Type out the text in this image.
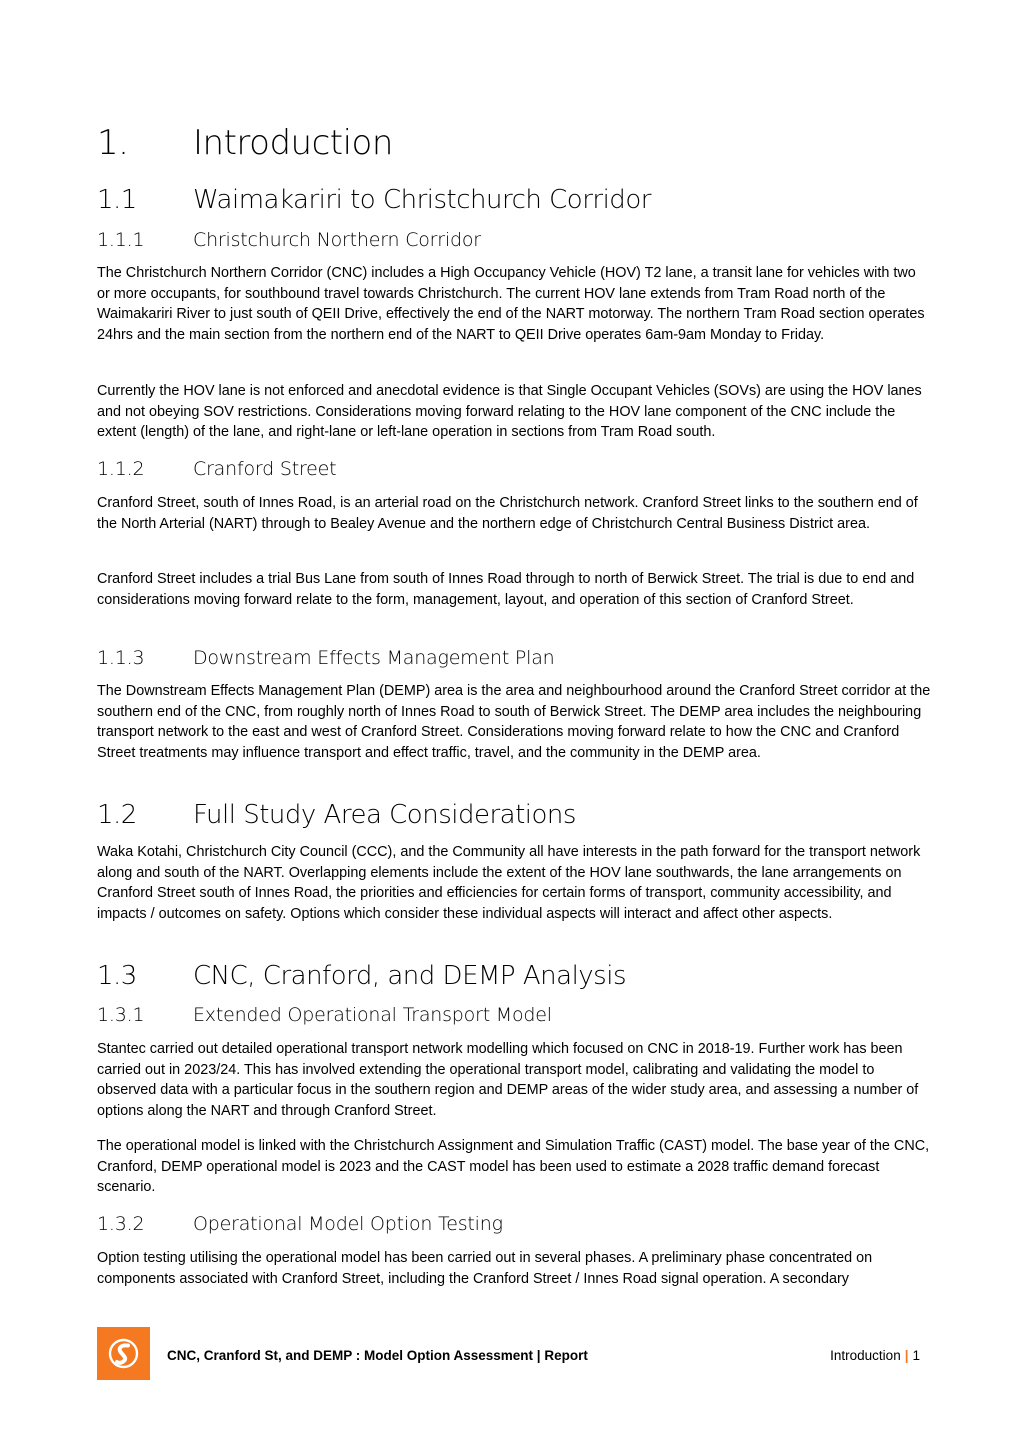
1. Introduction
1.1 Waimakariri to Christchurch Corridor
1.1.1	Christchurch Northern Corridor

The Christchurch Northern Corridor (CNC) includes a High Occupancy Vehicle (HOV) T2 lane, a transit lane for vehicles with two or more occupants, for southbound travel towards Christchurch. The current HOV lane extends from Tram Road north of the Waimakariri River to just south of QEII Drive, effectively the end of the NART motorway. The northern Tram Road section operates 24hrs and the main section from the northern end of the NART to QEII Drive operates 6am-9am Monday to Friday.

Currently the HOV lane is not enforced and anecdotal evidence is that Single Occupant Vehicles (SOVs) are using the HOV lanes and not obeying SOV restrictions. Considerations moving forward relating to the HOV lane component of the CNC include the extent (length) of the lane, and right-lane or left-lane operation in sections from Tram Road south.

1.1.2	Cranford Street

Cranford Street, south of Innes Road, is an arterial road on the Christchurch network. Cranford Street links to the southern end of the North Arterial (NART) through to Bealey Avenue and the northern edge of Christchurch Central Business District area.

Cranford Street includes a trial Bus Lane from south of Innes Road through to north of Berwick Street. The trial is due to end and considerations moving forward relate to the form, management, layout, and operation of this section of Cranford Street.

1.1.3	Downstream Effects Management Plan

The Downstream Effects Management Plan (DEMP) area is the area and neighbourhood around the Cranford Street corridor at the southern end of the CNC, from roughly north of Innes Road to south of Berwick Street. The DEMP area includes the neighbouring transport network to the east and west of Cranford Street. Considerations moving forward relate to how the CNC and Cranford Street treatments may influence transport and effect traffic, travel, and the community in the DEMP area.

1.2 Full Study Area Considerations

Waka Kotahi, Christchurch City Council (CCC), and the Community all have interests in the path forward for the transport network along and south of the NART. Overlapping elements include the extent of the HOV lane southwards, the lane arrangements on Cranford Street south of Innes Road, the priorities and efficiencies for certain forms of transport, community accessibility, and impacts / outcomes on safety. Options which consider these individual aspects will interact and affect other aspects.

1.3 CNC, Cranford, and DEMP Analysis
1.3.1	Extended Operational Transport Model

Stantec carried out detailed operational transport network modelling which focused on CNC in 2018-19. Further work has been carried out in 2023/24. This has involved extending the operational transport model, calibrating and validating the model to observed data with a particular focus in the southern region and DEMP areas of the wider study area, and assessing a number of options along the NART and through Cranford Street.

The operational model is linked with the Christchurch Assignment and Simulation Traffic (CAST) model. The base year of the CNC, Cranford, DEMP operational model is 2023 and the CAST model has been used to estimate a 2028 traffic demand forecast scenario.

1.3.2	Operational Model Option Testing

Option testing utilising the operational model has been carried out in several phases. A preliminary phase concentrated on components associated with Cranford Street, including the Cranford Street / Innes Road signal operation. A secondary

CNC, Cranford St, and DEMP : Model Option Assessment | Report	Introduction | 1
